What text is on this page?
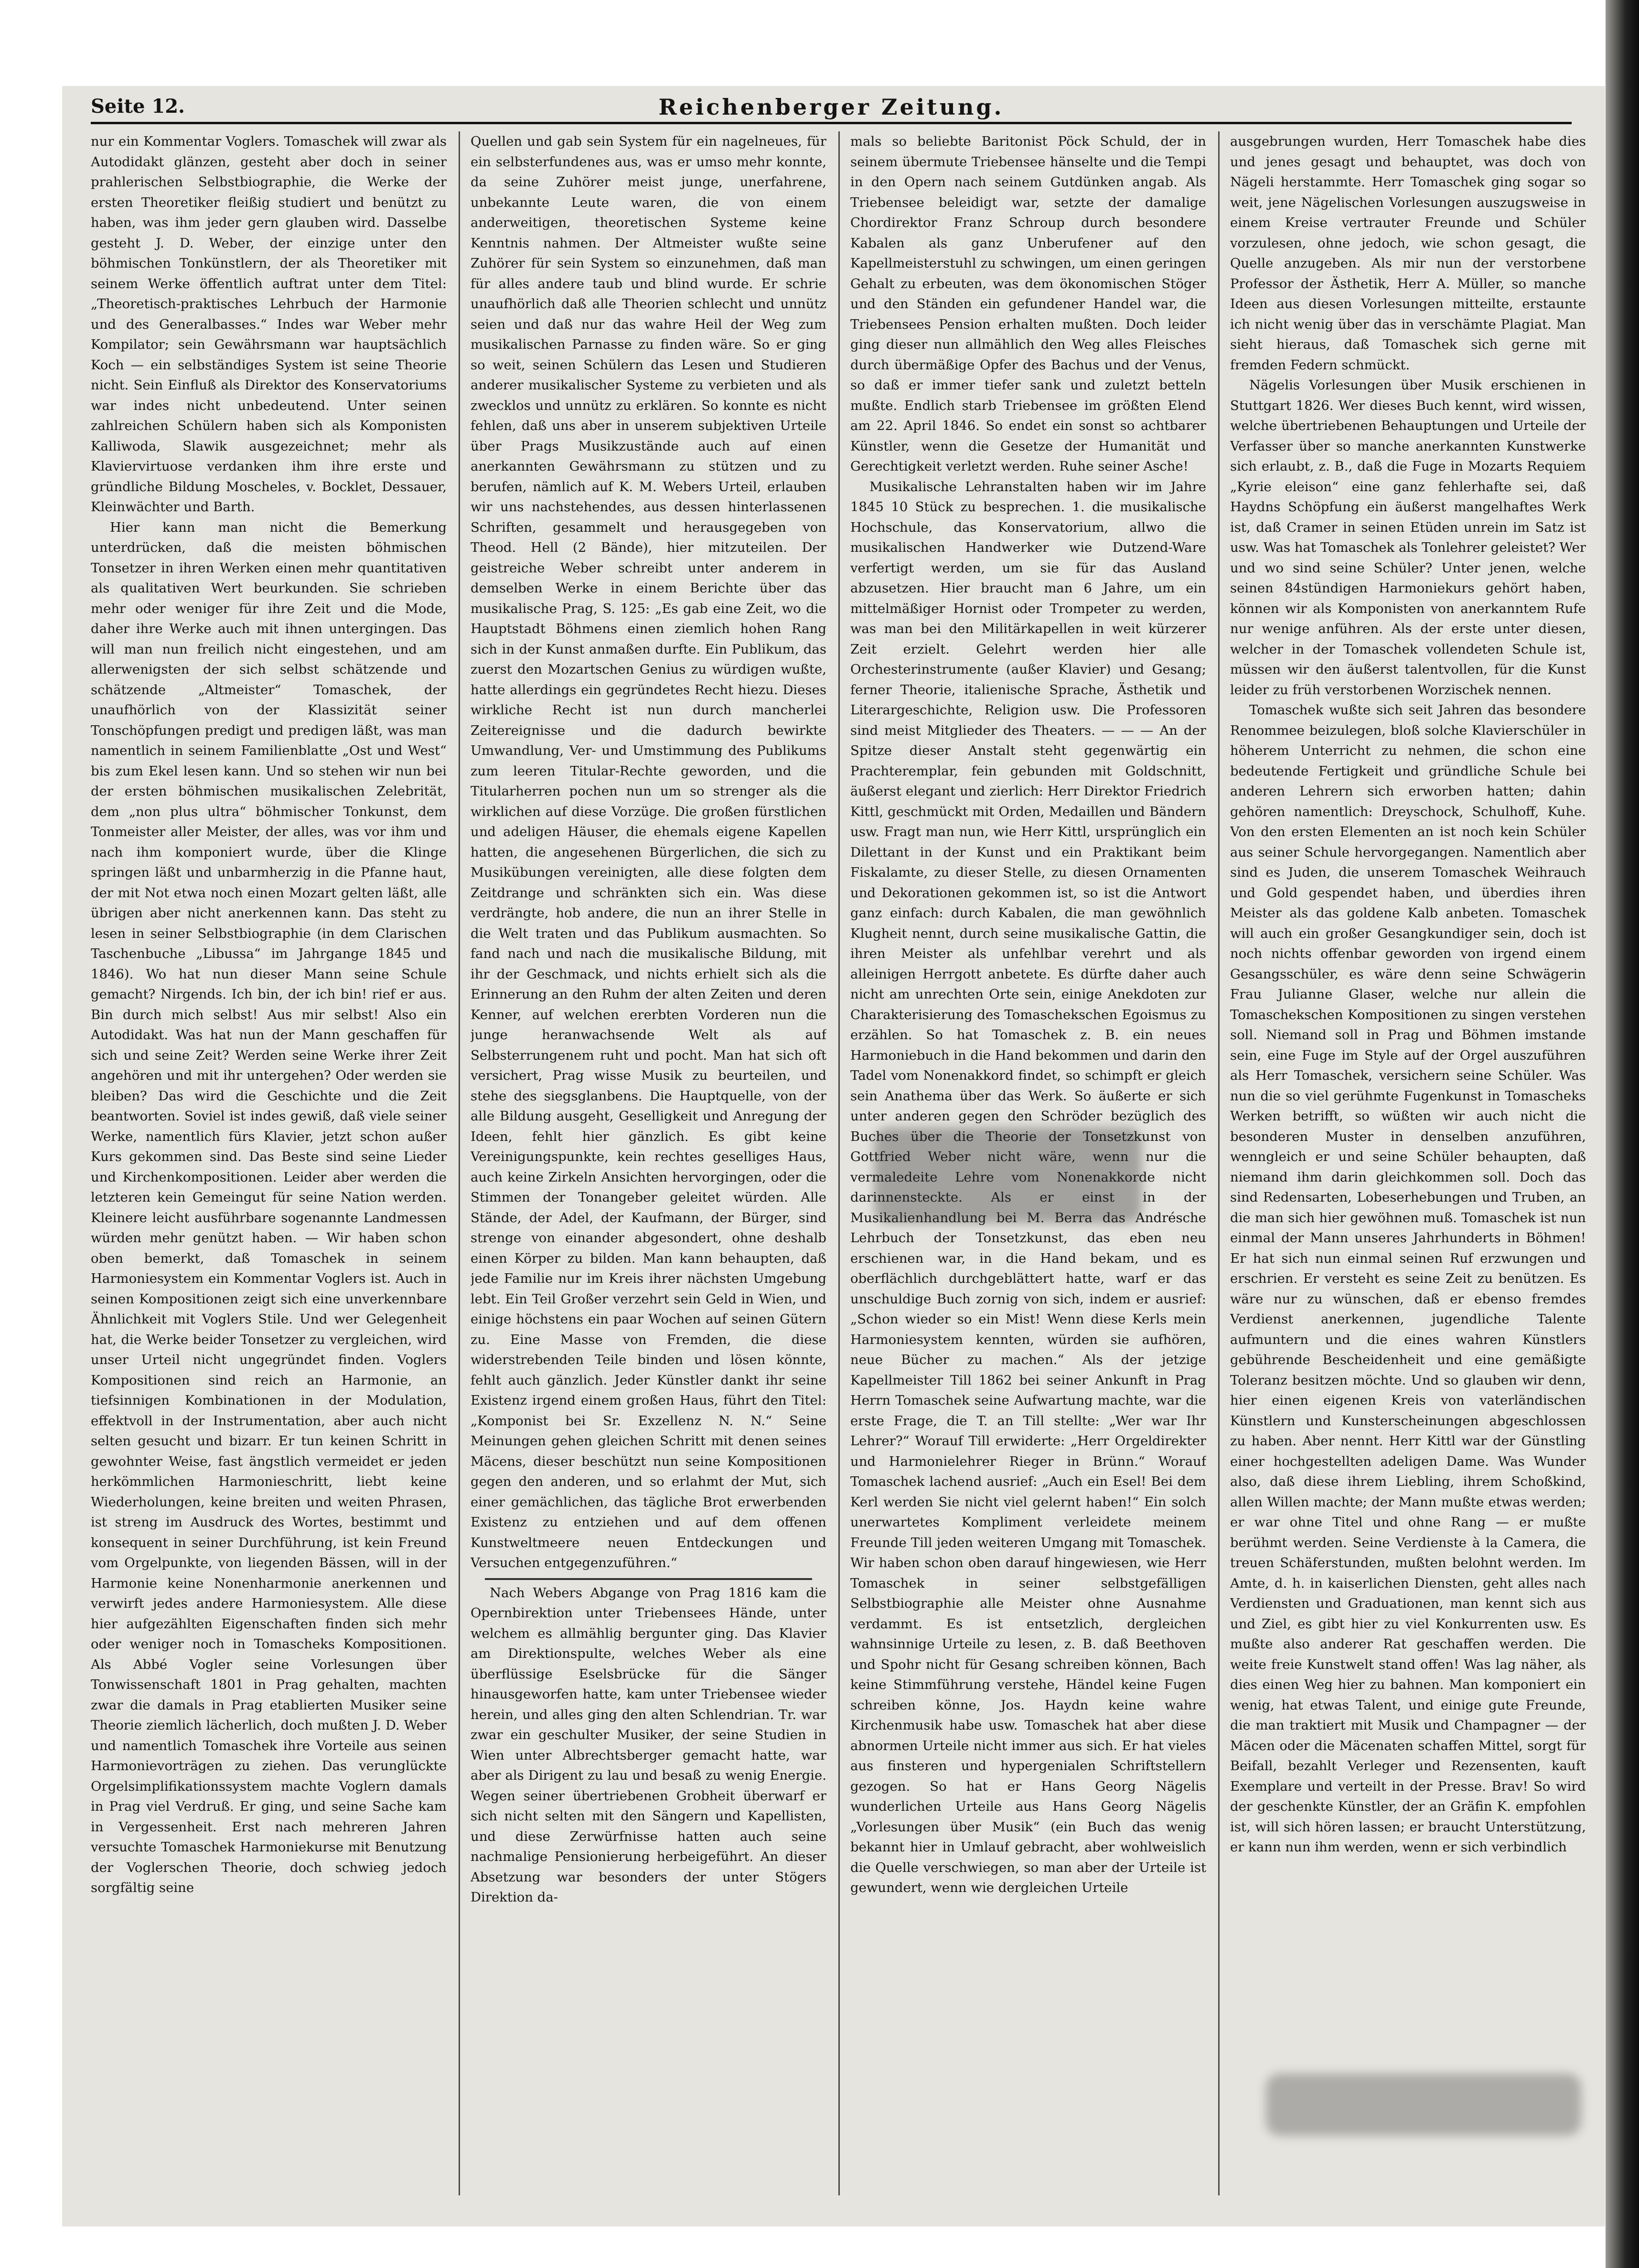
Seite 12.	Reichenberger Zeitung.

nur ein Kommentar Voglers. Tomaschek will zwar als Autodidakt glänzen, gesteht aber doch in seiner prahlerischen Selbstbiographie, die Werke der ersten Theoretiker fleißig studiert und benützt zu haben, was ihm jeder gern glauben wird. Dasselbe gesteht J. D. Weber, der einzige unter den böhmischen Tonkünstlern, der als Theoretiker mit seinem Werke öffentlich auftrat unter dem Titel: „Theoretisch-praktisches Lehrbuch der Harmonie und des Generalbasses.“ Indes war Weber mehr Kompilator; sein Gewährsmann war hauptsächlich Koch — ein selbständiges System ist seine Theorie nicht. Sein Einfluß als Direktor des Konservatoriums war indes nicht unbedeutend. Unter seinen zahlreichen Schülern haben sich als Komponisten Kalliwoda, Slawik ausgezeichnet; mehr als Klaviervirtuose verdanken ihm ihre erste und gründliche Bildung Moscheles, v. Bocklet, Dessauer, Kleinwächter und Barth.

Hier kann man nicht die Bemerkung unterdrücken, daß die meisten böhmischen Tonsetzer in ihren Werken einen mehr quantitativen als qualitativen Wert beurkunden. Sie schrieben mehr oder weniger für ihre Zeit und die Mode, daher ihre Werke auch mit ihnen untergingen. Das will man nun freilich nicht eingestehen, und am allerwenigsten der sich selbst schätzende und schätzende „Altmeister“ Tomaschek, der unaufhörlich von der Klassizität seiner Tonschöpfungen predigt und predigen läßt, was man namentlich in seinem Familienblatte „Ost und West“ bis zum Ekel lesen kann. Und so stehen wir nun bei der ersten böhmischen musikalischen Zelebrität, dem „non plus ultra“ böhmischer Tonkunst, dem Tonmeister aller Meister, der alles, was vor ihm und nach ihm komponiert wurde, über die Klinge springen läßt und unbarmherzig in die Pfanne haut, der mit Not etwa noch einen Mozart gelten läßt, alle übrigen aber nicht anerkennen kann. Das steht zu lesen in seiner Selbstbiographie (in dem Clarischen Taschenbuche „Libussa“ im Jahrgange 1845 und 1846). Wo hat nun dieser Mann seine Schule gemacht? Nirgends. Ich bin, der ich bin! rief er aus. Bin durch mich selbst! Aus mir selbst! Also ein Autodidakt. Was hat nun der Mann geschaffen für sich und seine Zeit? Werden seine Werke ihrer Zeit angehören und mit ihr untergehen? Oder werden sie bleiben? Das wird die Geschichte und die Zeit beantworten. Soviel ist indes gewiß, daß viele seiner Werke, namentlich fürs Klavier, jetzt schon außer Kurs gekommen sind. Das Beste sind seine Lieder und Kirchenkompositionen. Leider aber werden die letzteren kein Gemeingut für seine Nation werden. Kleinere leicht ausführbare sogenannte Landmessen würden mehr genützt haben. — Wir haben schon oben bemerkt, daß Tomaschek in seinem Harmoniesystem ein Kommentar Voglers ist. Auch in seinen Kompositionen zeigt sich eine unverkennbare Ähnlichkeit mit Voglers Stile. Und wer Gelegenheit hat, die Werke beider Tonsetzer zu vergleichen, wird unser Urteil nicht ungegründet finden. Voglers Kompositionen sind reich an Harmonie, an tiefsinnigen Kombinationen in der Modulation, effektvoll in der Instrumentation, aber auch nicht selten gesucht und bizarr. Er tun keinen Schritt in gewohnter Weise, fast ängstlich vermeidet er jeden herkömmlichen Harmonieschritt, liebt keine Wiederholungen, keine breiten und weiten Phrasen, ist streng im Ausdruck des Wortes, bestimmt und konsequent in seiner Durchführung, ist kein Freund vom Orgelpunkte, von liegenden Bässen, will in der Harmonie keine Nonenharmonie anerkennen und verwirft jedes andere Harmoniesystem. Alle diese hier aufgezählten Eigenschaften finden sich mehr oder weniger noch in Tomascheks Kompositionen. Als Abbé Vogler seine Vorlesungen über Tonwissenschaft 1801 in Prag gehalten, machten zwar die damals in Prag etablierten Musiker seine Theorie ziemlich lächerlich, doch mußten J. D. Weber und namentlich Tomaschek ihre Vorteile aus seinen Harmonievorträgen zu ziehen. Das verunglückte Orgelsimplifikationssystem machte Voglern damals in Prag viel Verdruß. Er ging, und seine Sache kam in Vergessenheit. Erst nach mehreren Jahren versuchte Tomaschek Harmoniekurse mit Benutzung der Voglerschen Theorie, doch schwieg jedoch sorgfältig seine

Quellen und gab sein System für ein nagelneues, für ein selbsterfundenes aus, was er umso mehr konnte, da seine Zuhörer meist junge, unerfahrene, unbekannte Leute waren, die von einem anderweitigen, theoretischen Systeme keine Kenntnis nahmen. Der Altmeister wußte seine Zuhörer für sein System so einzunehmen, daß man für alles andere taub und blind wurde. Er schrie unaufhörlich daß alle Theorien schlecht und unnütz seien und daß nur das wahre Heil der Weg zum musikalischen Parnasse zu finden wäre. So er ging so weit, seinen Schülern das Lesen und Studieren anderer musikalischer Systeme zu verbieten und als zwecklos und unnütz zu erklären. So konnte es nicht fehlen, daß uns aber in unserem subjektiven Urteile über Prags Musikzustände auch auf einen anerkannten Gewährsmann zu stützen und zu berufen, nämlich auf K. M. Webers Urteil, erlauben wir uns nachstehendes, aus dessen hinterlassenen Schriften, gesammelt und herausgegeben von Theod. Hell (2 Bände), hier mitzuteilen. Der geistreiche Weber schreibt unter anderem in demselben Werke in einem Berichte über das musikalische Prag, S. 125: „Es gab eine Zeit, wo die Hauptstadt Böhmens einen ziemlich hohen Rang sich in der Kunst anmaßen durfte. Ein Publikum, das zuerst den Mozartschen Genius zu würdigen wußte, hatte allerdings ein gegründetes Recht hiezu. Dieses wirkliche Recht ist nun durch mancherlei Zeitereignisse und die dadurch bewirkte Umwandlung, Ver- und Umstimmung des Publikums zum leeren Titular-Rechte geworden, und die Titularherren pochen nun um so strenger als die wirklichen auf diese Vorzüge. Die großen fürstlichen und adeligen Häuser, die ehemals eigene Kapellen hatten, die angesehenen Bürgerlichen, die sich zu Musikübungen vereinigten, alle diese folgten dem Zeitdrange und schränkten sich ein. Was diese verdrängte, hob andere, die nun an ihrer Stelle in die Welt traten und das Publikum ausmachten. So fand nach und nach die musikalische Bildung, mit ihr der Geschmack, und nichts erhielt sich als die Erinnerung an den Ruhm der alten Zeiten und deren Kenner, auf welchen ererbten Vorderen nun die junge heranwachsende Welt als auf Selbsterrungenem ruht und pocht. Man hat sich oft versichert, Prag wisse Musik zu beurteilen, und stehe des siegsglanbens. Die Hauptquelle, von der alle Bildung ausgeht, Geselligkeit und Anregung der Ideen, fehlt hier gänzlich. Es gibt keine Vereinigungspunkte, kein rechtes geselliges Haus, auch keine Zirkeln Ansichten hervorgingen, oder die Stimmen der Tonangeber geleitet würden. Alle Stände, der Adel, der Kaufmann, der Bürger, sind strenge von einander abgesondert, ohne deshalb einen Körper zu bilden. Man kann behaupten, daß jede Familie nur im Kreis ihrer nächsten Umgebung lebt. Ein Teil Großer verzehrt sein Geld in Wien, und einige höchstens ein paar Wochen auf seinen Gütern zu. Eine Masse von Fremden, die diese widerstrebenden Teile binden und lösen könnte, fehlt auch gänzlich. Jeder Künstler dankt ihr seine Existenz irgend einem großen Haus, führt den Titel: „Komponist bei Sr. Exzellenz N. N.“ Seine Meinungen gehen gleichen Schritt mit denen seines Mäcens, dieser beschützt nun seine Kompositionen gegen den anderen, und so erlahmt der Mut, sich einer gemächlichen, das tägliche Brot erwerbenden Existenz zu entziehen und auf dem offenen Kunstweltmeere neuen Entdeckungen und Versuchen entgegenzuführen.“

Nach Webers Abgange von Prag 1816 kam die Opernbirektion unter Triebensees Hände, unter welchem es allmählig bergunter ging. Das Klavier am Direktionspulte, welches Weber als eine überflüssige Eselsbrücke für die Sänger hinausgeworfen hatte, kam unter Triebensee wieder herein, und alles ging den alten Schlendrian. Tr. war zwar ein geschulter Musiker, der seine Studien in Wien unter Albrechtsberger gemacht hatte, war aber als Dirigent zu lau und besaß zu wenig Energie. Wegen seiner übertriebenen Grobheit überwarf er sich nicht selten mit den Sängern und Kapellisten, und diese Zerwürfnisse hatten auch seine nachmalige Pensionierung herbeigeführt. An dieser Absetzung war besonders der unter Stögers Direktion da-

mals so beliebte Baritonist Pöck Schuld, der in seinem übermute Triebensee hänselte und die Tempi in den Opern nach seinem Gutdünken angab. Als Triebensee beleidigt war, setzte der damalige Chordirektor Franz Schroup durch besondere Kabalen als ganz Unberufener auf den Kapellmeisterstuhl zu schwingen, um einen geringen Gehalt zu erbeuten, was dem ökonomischen Stöger und den Ständen ein gefundener Handel war, die Triebensees Pension erhalten mußten. Doch leider ging dieser nun allmählich den Weg alles Fleisches durch übermäßige Opfer des Bachus und der Venus, so daß er immer tiefer sank und zuletzt betteln mußte. Endlich starb Triebensee im größten Elend am 22. April 1846. So endet ein sonst so achtbarer Künstler, wenn die Gesetze der Humanität und Gerechtigkeit verletzt werden. Ruhe seiner Asche!

Musikalische Lehranstalten haben wir im Jahre 1845 10 Stück zu besprechen. 1. die musikalische Hochschule, das Konservatorium, allwo die musikalischen Handwerker wie Dutzend-Ware verfertigt werden, um sie für das Ausland abzusetzen. Hier braucht man 6 Jahre, um ein mittelmäßiger Hornist oder Trompeter zu werden, was man bei den Militärkapellen in weit kürzerer Zeit erzielt. Gelehrt werden hier alle Orchesterinstrumente (außer Klavier) und Gesang; ferner Theorie, italienische Sprache, Ästhetik und Literargeschichte, Religion usw. Die Professoren sind meist Mitglieder des Theaters. — — — An der Spitze dieser Anstalt steht gegenwärtig ein Prachteremplar, fein gebunden mit Goldschnitt, äußerst elegant und zierlich: Herr Direktor Friedrich Kittl, geschmückt mit Orden, Medaillen und Bändern usw. Fragt man nun, wie Herr Kittl, ursprünglich ein Dilettant in der Kunst und ein Praktikant beim Fiskalamte, zu dieser Stelle, zu diesen Ornamenten und Dekorationen gekommen ist, so ist die Antwort ganz einfach: durch Kabalen, die man gewöhnlich Klugheit nennt, durch seine musikalische Gattin, die ihren Meister als unfehlbar verehrt und als alleinigen Herrgott anbetete. Es dürfte daher auch nicht am unrechten Orte sein, einige Anekdoten zur Charakterisierung des Tomaschekschen Egoismus zu erzählen. So hat Tomaschek z. B. ein neues Harmoniebuch in die Hand bekommen und darin den Tadel vom Nonenakkord findet, so schimpft er gleich sein Anathema über das Werk. So äußerte er sich unter anderen gegen den Schröder bezüglich des Buches über die Theorie der Tonsetzkunst von Gottfried Weber nicht wäre, wenn nur die vermaledeite Lehre vom Nonenakkorde nicht darinnensteckte. Als er einst in der Musikalienhandlung bei M. Berra das Andrésche Lehrbuch der Tonsetzkunst, das eben neu erschienen war, in die Hand bekam, und es oberflächlich durchgeblättert hatte, warf er das unschuldige Buch zornig von sich, indem er ausrief: „Schon wieder so ein Mist! Wenn diese Kerls mein Harmoniesystem kennten, würden sie aufhören, neue Bücher zu machen.“ Als der jetzige Kapellmeister Till 1862 bei seiner Ankunft in Prag Herrn Tomaschek seine Aufwartung machte, war die erste Frage, die T. an Till stellte: „Wer war Ihr Lehrer?“ Worauf Till erwiderte: „Herr Orgeldirekter und Harmonielehrer Rieger in Brünn.“ Worauf Tomaschek lachend ausrief: „Auch ein Esel! Bei dem Kerl werden Sie nicht viel gelernt haben!“ Ein solch unerwartetes Kompliment verleidete meinem Freunde Till jeden weiteren Umgang mit Tomaschek. Wir haben schon oben darauf hingewiesen, wie Herr Tomaschek in seiner selbstgefälligen Selbstbiographie alle Meister ohne Ausnahme verdammt. Es ist entsetzlich, dergleichen wahnsinnige Urteile zu lesen, z. B. daß Beethoven und Spohr nicht für Gesang schreiben können, Bach keine Stimmführung verstehe, Händel keine Fugen schreiben könne, Jos. Haydn keine wahre Kirchenmusik habe usw. Tomaschek hat aber diese abnormen Urteile nicht immer aus sich. Er hat vieles aus finsteren und hypergenialen Schriftstellern gezogen. So hat er Hans Georg Nägelis wunderlichen Urteile aus Hans Georg Nägelis „Vorlesungen über Musik“ (ein Buch das wenig bekannt hier in Umlauf gebracht, aber wohlweislich die Quelle verschwiegen, so man aber der Urteile ist gewundert, wenn wie dergleichen Urteile

ausgebrungen wurden, Herr Tomaschek habe dies und jenes gesagt und behauptet, was doch von Nägeli herstammte. Herr Tomaschek ging sogar so weit, jene Nägelischen Vorlesungen auszugsweise in einem Kreise vertrauter Freunde und Schüler vorzulesen, ohne jedoch, wie schon gesagt, die Quelle anzugeben. Als mir nun der verstorbene Professor der Ästhetik, Herr A. Müller, so manche Ideen aus diesen Vorlesungen mitteilte, erstaunte ich nicht wenig über das in verschämte Plagiat. Man sieht hieraus, daß Tomaschek sich gerne mit fremden Federn schmückt.

Nägelis Vorlesungen über Musik erschienen in Stuttgart 1826. Wer dieses Buch kennt, wird wissen, welche übertriebenen Behauptungen und Urteile der Verfasser über so manche anerkannten Kunstwerke sich erlaubt, z. B., daß die Fuge in Mozarts Requiem „Kyrie eleison“ eine ganz fehlerhafte sei, daß Haydns Schöpfung ein äußerst mangelhaftes Werk ist, daß Cramer in seinen Etüden unrein im Satz ist usw. Was hat Tomaschek als Tonlehrer geleistet? Wer und wo sind seine Schüler? Unter jenen, welche seinen 84stündigen Harmoniekurs gehört haben, können wir als Komponisten von anerkanntem Rufe nur wenige anführen. Als der erste unter diesen, welcher in der Tomaschek vollendeten Schule ist, müssen wir den äußerst talentvollen, für die Kunst leider zu früh verstorbenen Worzischek nennen.

Tomaschek wußte sich seit Jahren das besondere Renommee beizulegen, bloß solche Klavierschüler in höherem Unterricht zu nehmen, die schon eine bedeutende Fertigkeit und gründliche Schule bei anderen Lehrern sich erworben hatten; dahin gehören namentlich: Dreyschock, Schulhoff, Kuhe. Von den ersten Elementen an ist noch kein Schüler aus seiner Schule hervorgegangen. Namentlich aber sind es Juden, die unserem Tomaschek Weihrauch und Gold gespendet haben, und überdies ihren Meister als das goldene Kalb anbeten. Tomaschek will auch ein großer Gesangkundiger sein, doch ist noch nichts offenbar geworden von irgend einem Gesangsschüler, es wäre denn seine Schwägerin Frau Julianne Glaser, welche nur allein die Tomaschekschen Kompositionen zu singen verstehen soll. Niemand soll in Prag und Böhmen imstande sein, eine Fuge im Style auf der Orgel auszuführen als Herr Tomaschek, versichern seine Schüler. Was nun die so viel gerühmte Fugenkunst in Tomascheks Werken betrifft, so wüßten wir auch nicht die besonderen Muster in denselben anzuführen, wenngleich er und seine Schüler behaupten, daß niemand ihm darin gleichkommen soll. Doch das sind Redensarten, Lobeserhebungen und Truben, an die man sich hier gewöhnen muß. Tomaschek ist nun einmal der Mann unseres Jahrhunderts in Böhmen! Er hat sich nun einmal seinen Ruf erzwungen und erschrien. Er versteht es seine Zeit zu benützen. Es wäre nur zu wünschen, daß er ebenso fremdes Verdienst anerkennen, jugendliche Talente aufmuntern und die eines wahren Künstlers gebührende Bescheidenheit und eine gemäßigte Toleranz besitzen möchte. Und so glauben wir denn, hier einen eigenen Kreis von vaterländischen Künstlern und Kunsterscheinungen abgeschlossen zu haben. Aber nennt. Herr Kittl war der Günstling einer hochgestellten adeligen Dame. Was Wunder also, daß diese ihrem Liebling, ihrem Schoßkind, allen Willen machte; der Mann mußte etwas werden; er war ohne Titel und ohne Rang — er mußte berühmt werden. Seine Verdienste à la Camera, die treuen Schäferstunden, mußten belohnt werden. Im Amte, d. h. in kaiserlichen Diensten, geht alles nach Verdiensten und Graduationen, man kennt sich aus und Ziel, es gibt hier zu viel Konkurrenten usw. Es mußte also anderer Rat geschaffen werden. Die weite freie Kunstwelt stand offen! Was lag näher, als dies einen Weg hier zu bahnen. Man komponiert ein wenig, hat etwas Talent, und einige gute Freunde, die man traktiert mit Musik und Champagner — der Mäcen oder die Mäcenaten schaffen Mittel, sorgt für Beifall, bezahlt Verleger und Rezensenten, kauft Exemplare und verteilt in der Presse. Brav! So wird der geschenkte Künstler, der an Gräfin K. empfohlen ist, will sich hören lassen; er braucht Unterstützung, er kann nun ihm werden, wenn er sich verbindlich
